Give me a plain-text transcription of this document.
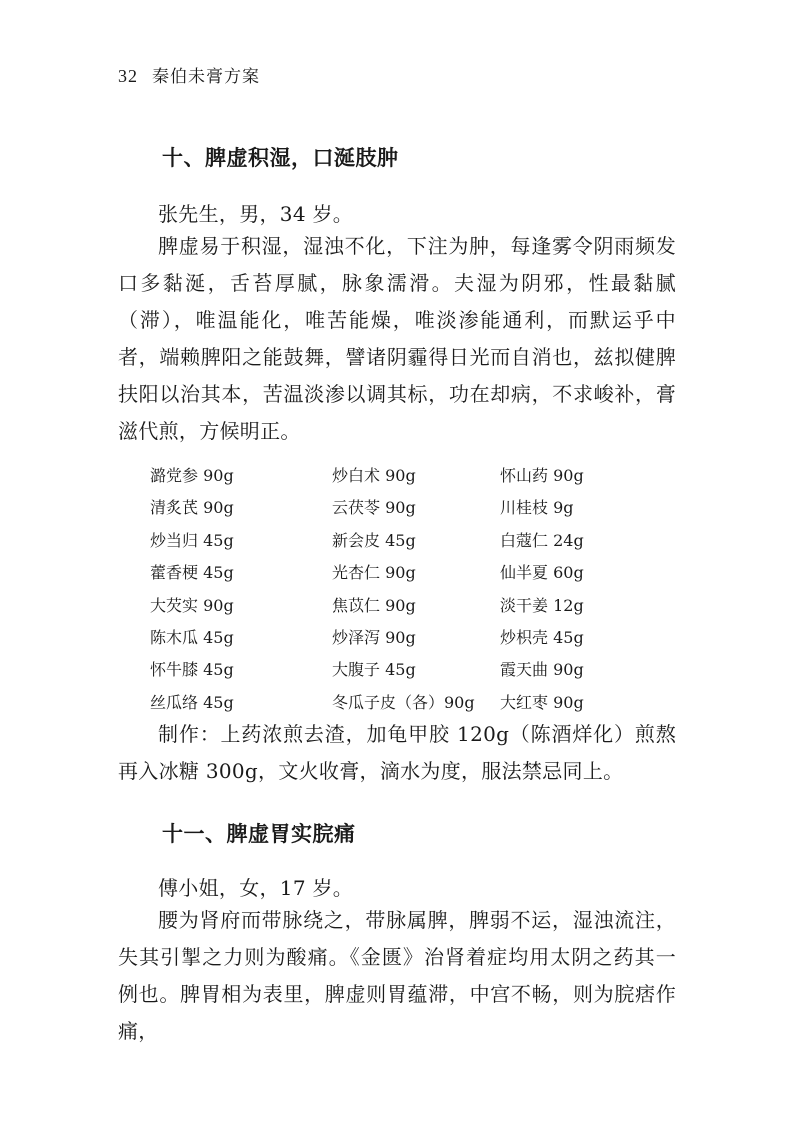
32 秦伯未膏方案
十、脾虚积湿，口涎肢肿

张先生，男，34 岁。

脾虚易于积湿，湿浊不化，下注为肿，每逢雾令阴雨频发口多黏涎，舌苔厚腻，脉象濡滑。夫湿为阴邪，性最黏腻（滞），唯温能化，唯苦能燥，唯淡渗能通利，而默运乎中者，端赖脾阳之能鼓舞，譬诸阴霾得日光而自消也，兹拟健脾扶阳以治其本，苦温淡渗以调其标，功在却病，不求峻补，膏滋代煎，方候明正。

潞党参 90g	炒白术 90g	怀山药 90g
清炙芪 90g	云茯苓 90g	川桂枝 9g
炒当归 45g	新会皮 45g	白蔻仁 24g
藿香梗 45g	光杏仁 90g	仙半夏 60g
大芡实 90g	焦苡仁 90g	淡干姜 12g
陈木瓜 45g	炒泽泻 90g	炒枳壳 45g
怀牛膝 45g	大腹子 45g	霞天曲 90g
丝瓜络 45g	冬瓜子皮（各）90g	大红枣 90g

制作：上药浓煎去渣，加龟甲胶 120g（陈酒烊化）煎熬再入冰糖 300g，文火收膏，滴水为度，服法禁忌同上。

十一、脾虚胃实脘痛

傅小姐，女，17 岁。

腰为肾府而带脉绕之，带脉属脾，脾弱不运，湿浊流注，失其引掣之力则为酸痛。《金匮》治肾着症均用太阴之药其一例也。脾胃相为表里，脾虚则胃蕴滞，中宫不畅，则为脘痞作痛，
